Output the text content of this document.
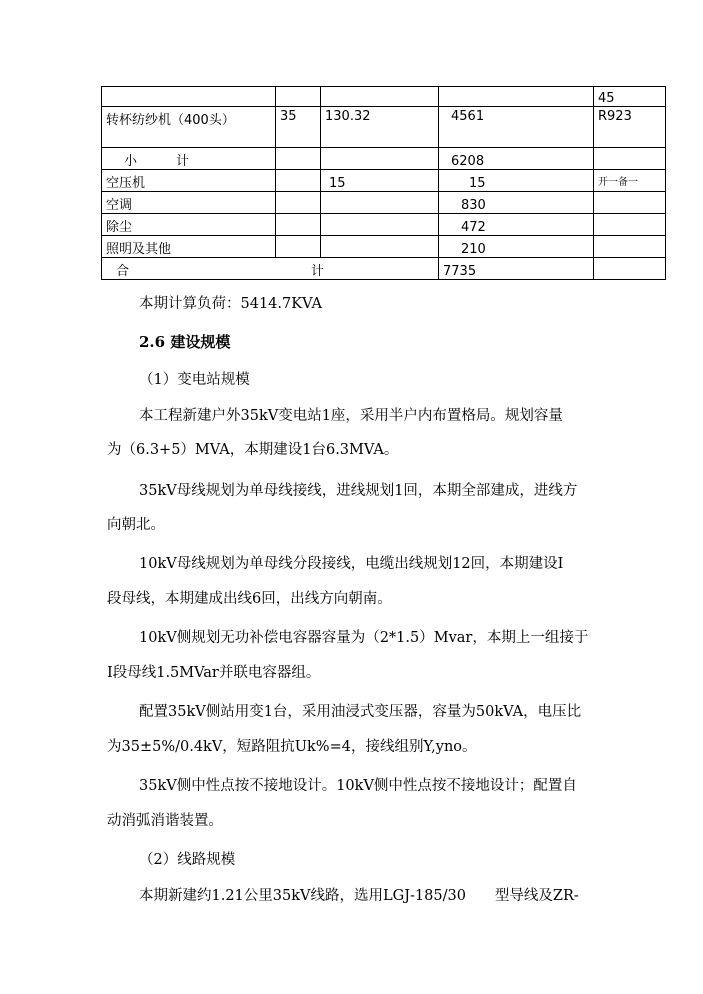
				45
转杯纺纱机（400头）	35	130.32	4561	R923
小　　　计			6208	
空压机		15	15	开一备一
空调			830	
除尘			472	
照明及其他			210	
合 计			7735	
本期计算负荷：5414.7KVA
2.6 建设规模
（1）变电站规模
本工程新建户外35kV变电站1座，采用半户内布置格局。规划容量
为（6.3+5）MVA，本期建设1台6.3MVA。
35kV母线规划为单母线接线，进线规划1回，本期全部建成，进线方
向朝北。
10kV母线规划为单母线分段接线，电缆出线规划12回，本期建设Ⅰ
段母线，本期建成出线6回，出线方向朝南。
10kV侧规划无功补偿电容器容量为（2*1.5）Mvar，本期上一组接于
Ⅰ段母线1.5MVar并联电容器组。
配置35kV侧站用变1台，采用油浸式变压器，容量为50kVA，电压比
为35±5%/0.4kV，短路阻抗Uk%=4，接线组别Y,yno。
35kV侧中性点按不接地设计。10kV侧中性点按不接地设计；配置自
动消弧消谐装置。
（2）线路规模
本期新建约1.21公里35kV线路，选用LGJ-185/30　　型导线及ZR-
